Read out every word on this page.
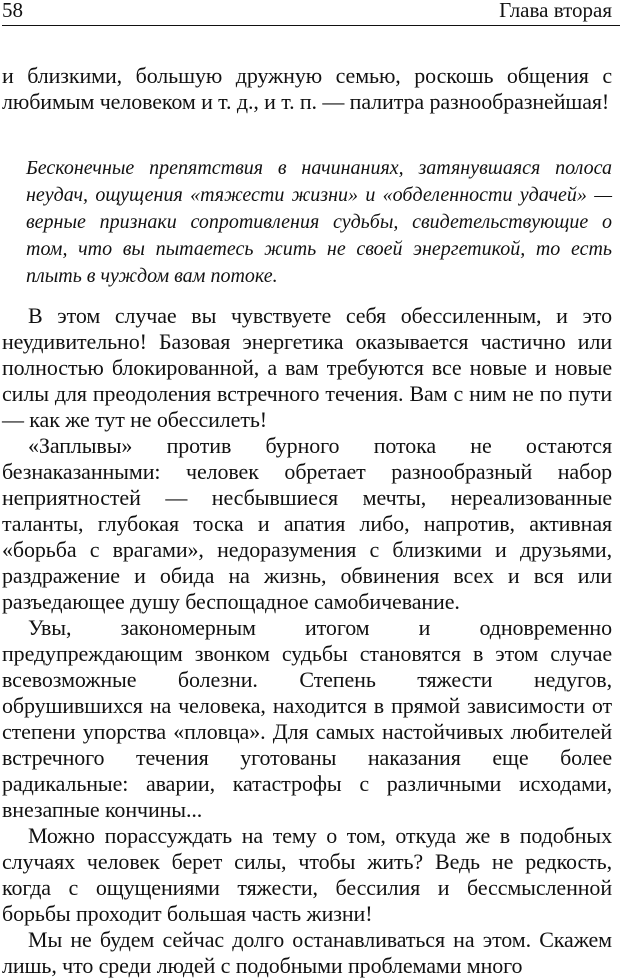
58	Глава вторая

и близкими, большую дружную семью, роскошь общения с любимым человеком и т. д., и т. п. — палитра разнообразнейшая!

Бесконечные препятствия в начинаниях, затянувшаяся полоса неудач, ощущения «тяжести жизни» и «обделенности удачей» — верные признаки сопротивления судьбы, свидетельствующие о том, что вы пытаетесь жить не своей энергетикой, то есть плыть в чуждом вам потоке.

В этом случае вы чувствуете себя обессиленным, и это неудивительно! Базовая энергетика оказывается частично или полностью блокированной, а вам требуются все новые и новые силы для преодоления встречного течения. Вам с ним не по пути — как же тут не обессилеть!

«Заплывы» против бурного потока не остаются безнаказанными: человек обретает разнообразный набор неприятностей — несбывшиеся мечты, нереализованные таланты, глубокая тоска и апатия либо, напротив, активная «борьба с врагами», недоразумения с близкими и друзьями, раздражение и обида на жизнь, обвинения всех и вся или разъедающее душу беспощадное самобичевание.

Увы, закономерным итогом и одновременно предупреждающим звонком судьбы становятся в этом случае всевозможные болезни. Степень тяжести недугов, обрушившихся на человека, находится в прямой зависимости от степени упорства «пловца». Для самых настойчивых любителей встречного течения уготованы наказания еще более радикальные: аварии, катастрофы с различными исходами, внезапные кончины...

Можно порассуждать на тему о том, откуда же в подобных случаях человек берет силы, чтобы жить? Ведь не редкость, когда с ощущениями тяжести, бессилия и бессмысленной борьбы проходит большая часть жизни!

Мы не будем сейчас долго останавливаться на этом. Скажем лишь, что среди людей с подобными проблемами много
